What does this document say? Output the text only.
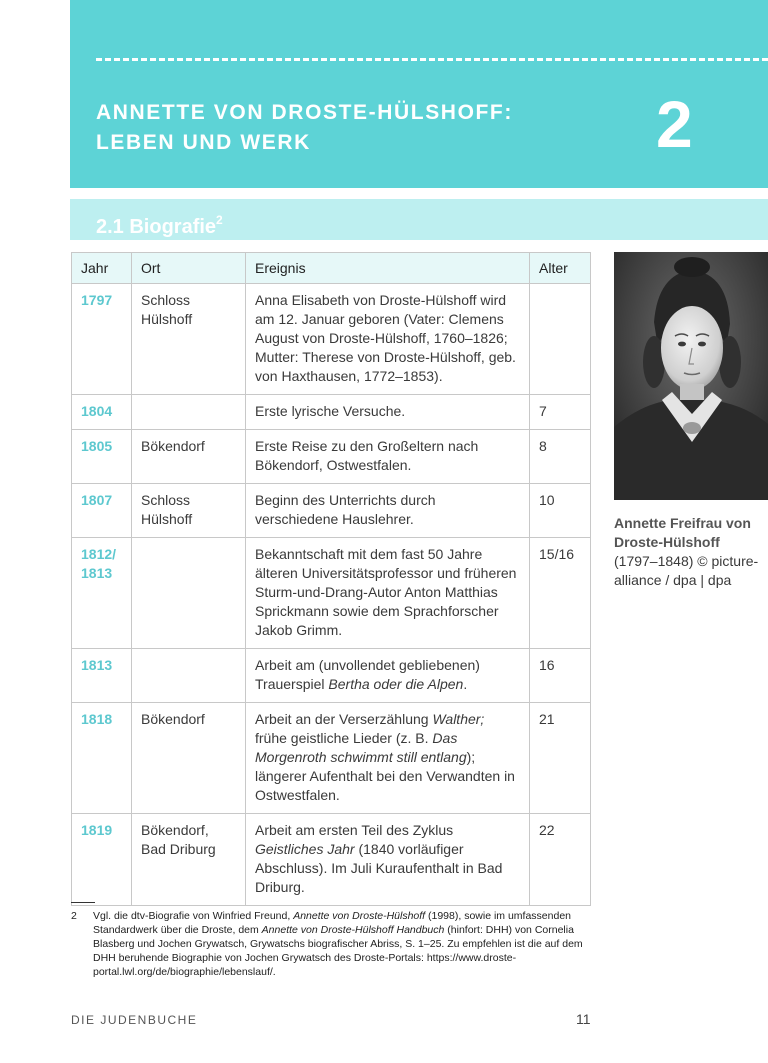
ANNETTE VON DROSTE-HÜLSHOFF:
LEBEN UND WERK	2
2.1 Biografie$^2$
Jahr	Ort	Ereignis	Alter
1797	Schloss Hülshoff	Anna Elisabeth von Droste-Hülshoff wird am 12. Januar geboren (Vater: Clemens August von Droste-Hülshoff, 1760–1826; Mutter: Therese von Droste-Hülshoff, geb. von Haxthausen, 1772–1853).	
1804		Erste lyrische Versuche.	7
1805	Bökendorf	Erste Reise zu den Großeltern nach Bökendorf, Ostwestfalen.	8
1807	Schloss Hülshoff	Beginn des Unterrichts durch verschiedene Hauslehrer.	10
1812/ 1813		Bekanntschaft mit dem fast 50 Jahre älteren Universitätsprofessor und früheren Sturm-und-Drang-Autor Anton Matthias Sprickmann sowie dem Sprachforscher Jakob Grimm.	15/16
1813		Arbeit am (unvollendet gebliebenen) Trauerspiel Bertha oder die Alpen.	16
1818	Bökendorf	Arbeit an der Verserzählung Walther; frühe geistliche Lieder (z. B. Das Morgenroth schwimmt still entlang); längerer Aufenthalt bei den Verwandten in Ostwestfalen.	21
1819	Bökendorf, Bad Driburg	Arbeit am ersten Teil des Zyklus Geistliches Jahr (1840 vorläufiger Abschluss). Im Juli Kuraufenthalt in Bad Driburg.	22
Annette Freifrau von Droste-Hülshoff (1797–1848) © picture-alliance / dpa | dpa
2 Vgl. die dtv-Biografie von Winfried Freund, Annette von Droste-Hülshoff (1998), sowie im umfassenden Standardwerk über die Droste, dem Annette von Droste-Hülshoff Handbuch (hinfort: DHH) von Cornelia Blasberg und Jochen Grywatsch, Grywatschs biografischer Abriss, S. 1–25. Zu empfehlen ist die auf dem DHH beruhende Biographie von Jochen Grywatsch des Droste-Portals: https://www.droste-portal.lwl.org/de/biographie/lebenslauf/.
DIE JUDENBUCHE	11
